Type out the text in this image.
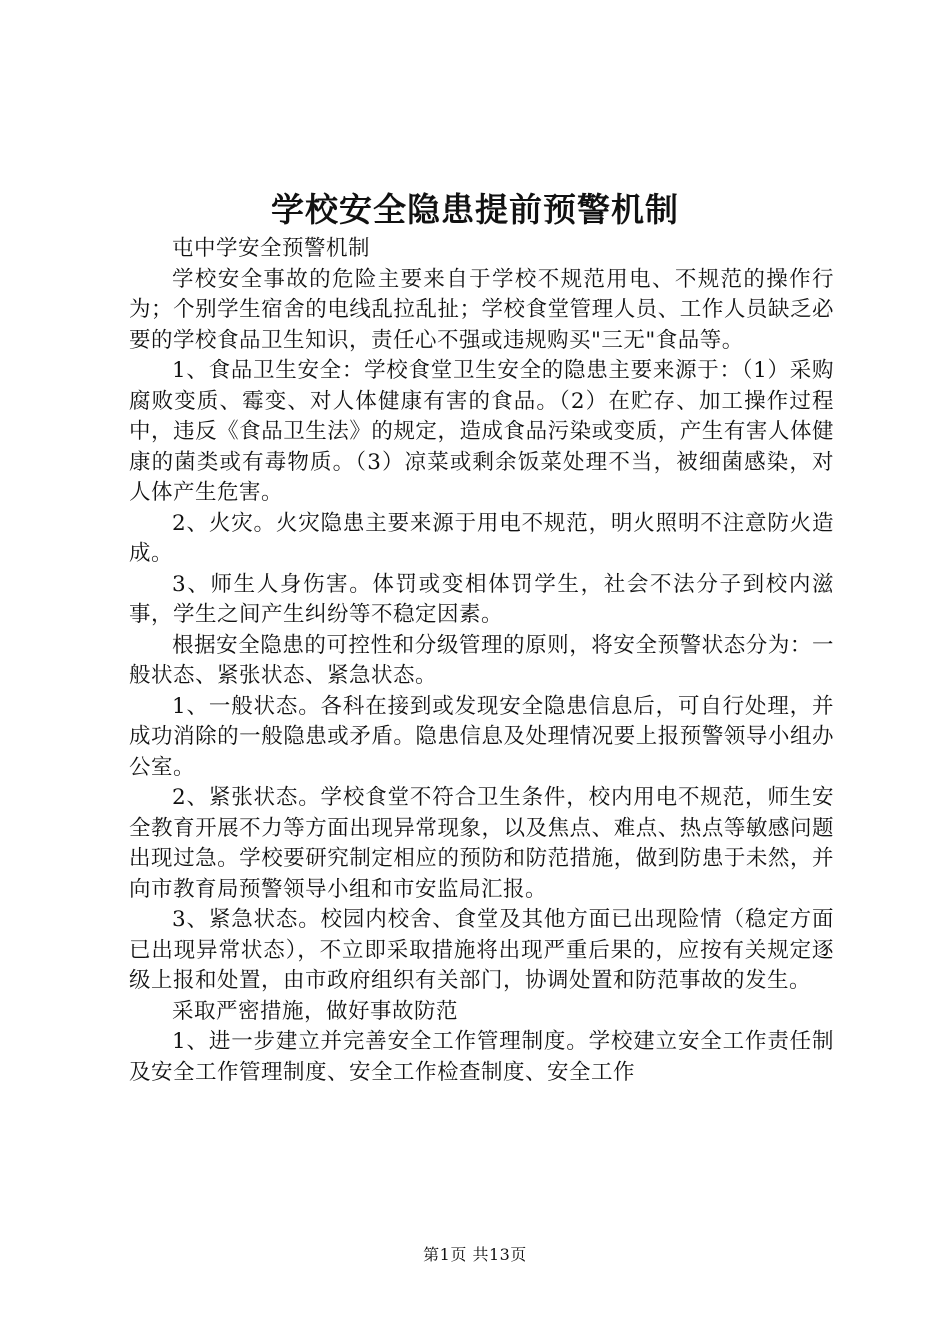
学校安全隐患提前预警机制

屯中学安全预警机制

学校安全事故的危险主要来自于学校不规范用电、不规范的操作行为；个别学生宿舍的电线乱拉乱扯；学校食堂管理人员、工作人员缺乏必要的学校食品卫生知识，责任心不强或违规购买"三无"食品等。

1、食品卫生安全：学校食堂卫生安全的隐患主要来源于：（1）采购腐败变质、霉变、对人体健康有害的食品。（2）在贮存、加工操作过程中，违反《食品卫生法》的规定，造成食品污染或变质，产生有害人体健康的菌类或有毒物质。（3）凉菜或剩余饭菜处理不当，被细菌感染，对人体产生危害。

2、火灾。火灾隐患主要来源于用电不规范，明火照明不注意防火造成。

3、师生人身伤害。体罚或变相体罚学生，社会不法分子到校内滋事，学生之间产生纠纷等不稳定因素。

根据安全隐患的可控性和分级管理的原则，将安全预警状态分为：一般状态、紧张状态、紧急状态。

1、一般状态。各科在接到或发现安全隐患信息后，可自行处理，并成功消除的一般隐患或矛盾。隐患信息及处理情况要上报预警领导小组办公室。

2、紧张状态。学校食堂不符合卫生条件，校内用电不规范，师生安全教育开展不力等方面出现异常现象，以及焦点、难点、热点等敏感问题出现过急。学校要研究制定相应的预防和防范措施，做到防患于未然，并向市教育局预警领导小组和市安监局汇报。

3、紧急状态。校园内校舍、食堂及其他方面已出现险情（稳定方面已出现异常状态），不立即采取措施将出现严重后果的，应按有关规定逐级上报和处置，由市政府组织有关部门，协调处置和防范事故的发生。

采取严密措施，做好事故防范

1、进一步建立并完善安全工作管理制度。学校建立安全工作责任制及安全工作管理制度、安全工作检查制度、安全工作

第1页 共13页
